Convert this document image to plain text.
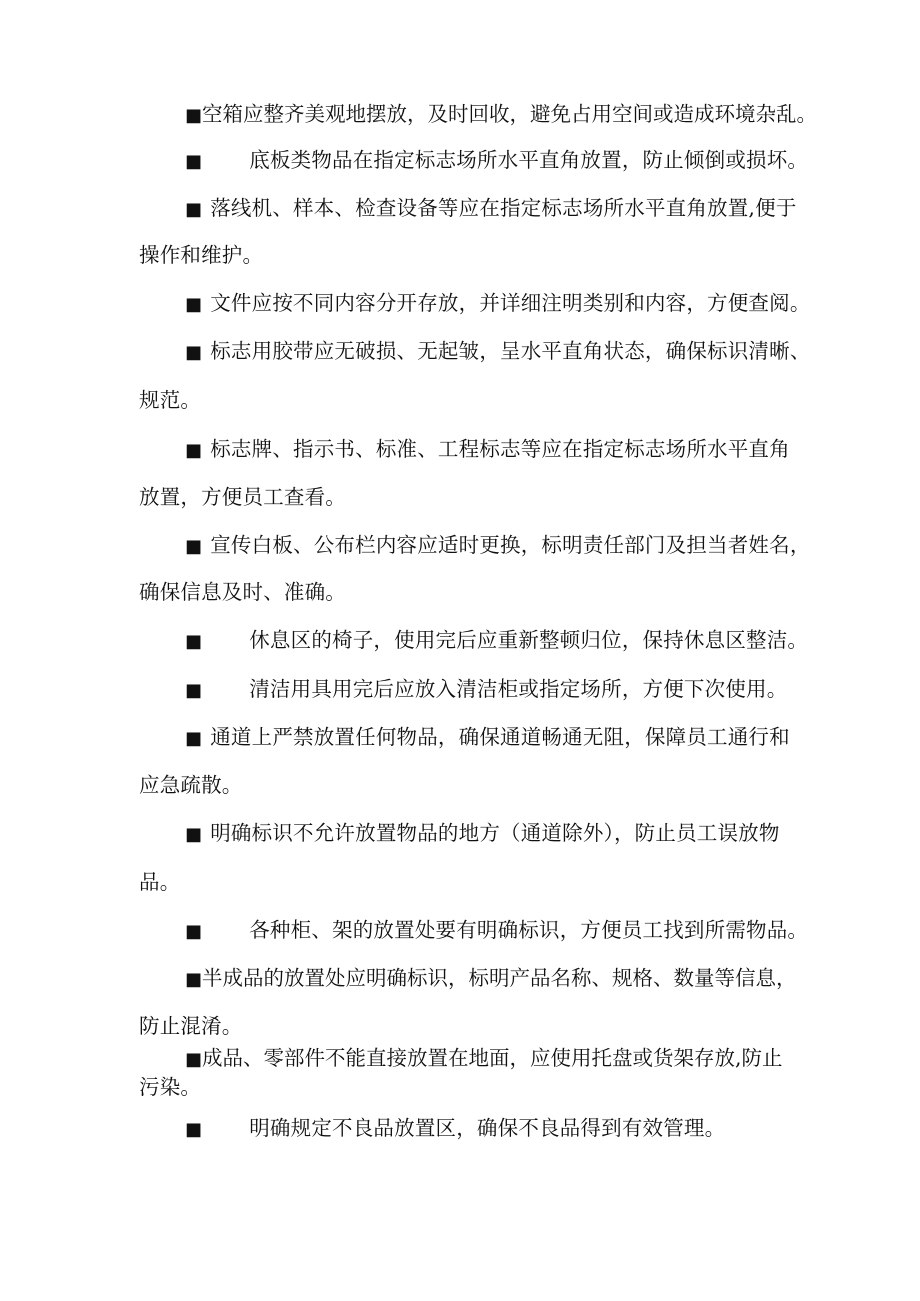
■空箱应整齐美观地摆放，及时回收，避免占用空间或造成环境杂乱。
■ 底板类物品在指定标志场所水平直角放置，防止倾倒或损坏。
■ 落线机、样本、检查设备等应在指定标志场所水平直角放置,便于
操作和维护。
■ 文件应按不同内容分开存放，并详细注明类别和内容，方便查阅。
■ 标志用胶带应无破损、无起皱，呈水平直角状态，确保标识清晰、
规范。
■ 标志牌、指示书、标准、工程标志等应在指定标志场所水平直角
放置，方便员工查看。
■ 宣传白板、公布栏内容应适时更换，标明责任部门及担当者姓名，
确保信息及时、准确。
■ 休息区的椅子，使用完后应重新整顿归位，保持休息区整洁。
■ 清洁用具用完后应放入清洁柜或指定场所，方便下次使用。
■ 通道上严禁放置任何物品，确保通道畅通无阻，保障员工通行和
应急疏散。
■ 明确标识不允许放置物品的地方（通道除外），防止员工误放物
品。
■ 各种柜、架的放置处要有明确标识，方便员工找到所需物品。
■半成品的放置处应明确标识，标明产品名称、规格、数量等信息，
防止混淆。
■成品、零部件不能直接放置在地面，应使用托盘或货架存放,防止
污染。
■ 明确规定不良品放置区，确保不良品得到有效管理。
